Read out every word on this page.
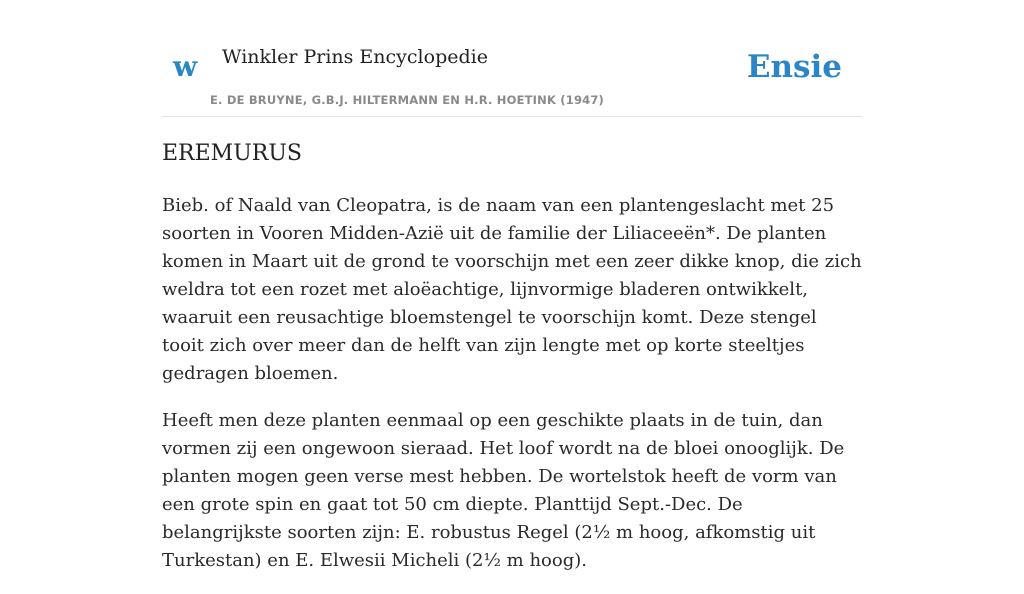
w Winkler Prins Encyclopedie
E. DE BRUYNE, G.B.J. HILTERMANN EN H.R. HOETINK (1947)
Ensie
EREMURUS

Bieb. of Naald van Cleopatra, is de naam van een plantengeslacht met 25 soorten in Vooren Midden-Azië uit de familie der Liliaceeën*. De planten komen in Maart uit de grond te voorschijn met een zeer dikke knop, die zich weldra tot een rozet met aloëachtige, lijnvormige bladeren ontwikkelt, waaruit een reusachtige bloemstengel te voorschijn komt. Deze stengel tooit zich over meer dan de helft van zijn lengte met op korte steeltjes gedragen bloemen.

Heeft men deze planten eenmaal op een geschikte plaats in de tuin, dan vormen zij een ongewoon sieraad. Het loof wordt na de bloei onooglijk. De planten mogen geen verse mest hebben. De wortelstok heeft de vorm van een grote spin en gaat tot 50 cm diepte. Planttijd Sept.-Dec. De belangrijkste soorten zijn: E. robustus Regel (2½ m hoog, afkomstig uit Turkestan) en E. Elwesii Micheli (2½ m hoog).
